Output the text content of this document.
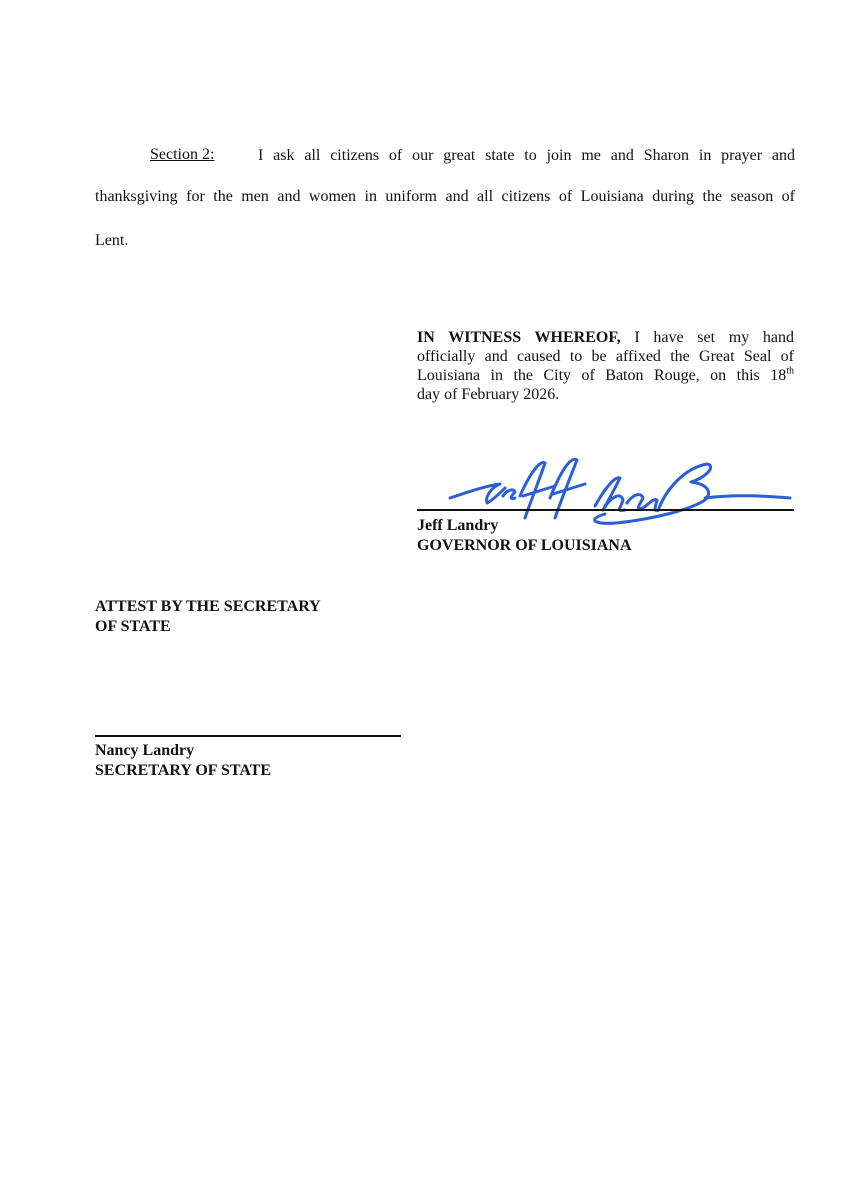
Section 2:	I ask all citizens of our great state to join me and Sharon in prayer and
thanksgiving for the men and women in uniform and all citizens of Louisiana during the season of
Lent.
IN WITNESS WHEREOF, I have set my hand
officially and caused to be affixed the Great Seal of
Louisiana in the City of Baton Rouge, on this 18th
day of February 2026.
Jeff Landry
GOVERNOR OF LOUISIANA
ATTEST BY THE SECRETARY
OF STATE
Nancy Landry
SECRETARY OF STATE
